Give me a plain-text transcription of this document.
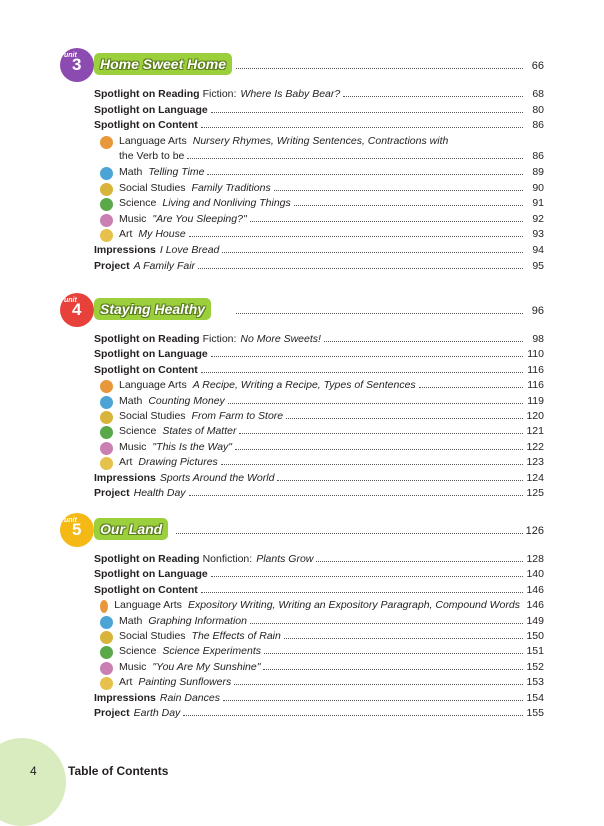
unit
3	Home Sweet Home	66
Spotlight on Reading Fiction: Where Is Baby Bear?	68
Spotlight on Language	80
Spotlight on Content	86
Language Arts Nursery Rhymes, Writing Sentences, Contractions with
the Verb to be	86
Math Telling Time	89
Social Studies Family Traditions	90
Science Living and Nonliving Things	91
Music "Are You Sleeping?"	92
Art My House	93
Impressions I Love Bread	94
Project A Family Fair	95
unit
4	Staying Healthy	96
Spotlight on Reading Fiction: No More Sweets!	98
Spotlight on Language	110
Spotlight on Content	116
Language Arts A Recipe, Writing a Recipe, Types of Sentences	116
Math Counting Money	119
Social Studies From Farm to Store	120
Science States of Matter	121
Music "This Is the Way"	122
Art Drawing Pictures	123
Impressions Sports Around the World	124
Project Health Day	125
unit
5	Our Land	126
Spotlight on Reading Nonfiction: Plants Grow	128
Spotlight on Language	140
Spotlight on Content	146
Language Arts Expository Writing, Writing an Expository Paragraph, Compound Words 146
Math Graphing Information	149
Social Studies The Effects of Rain	150
Science Science Experiments	151
Music "You Are My Sunshine"	152
Art Painting Sunflowers	153
Impressions Rain Dances	154
Project Earth Day	155
4	Table of Contents
